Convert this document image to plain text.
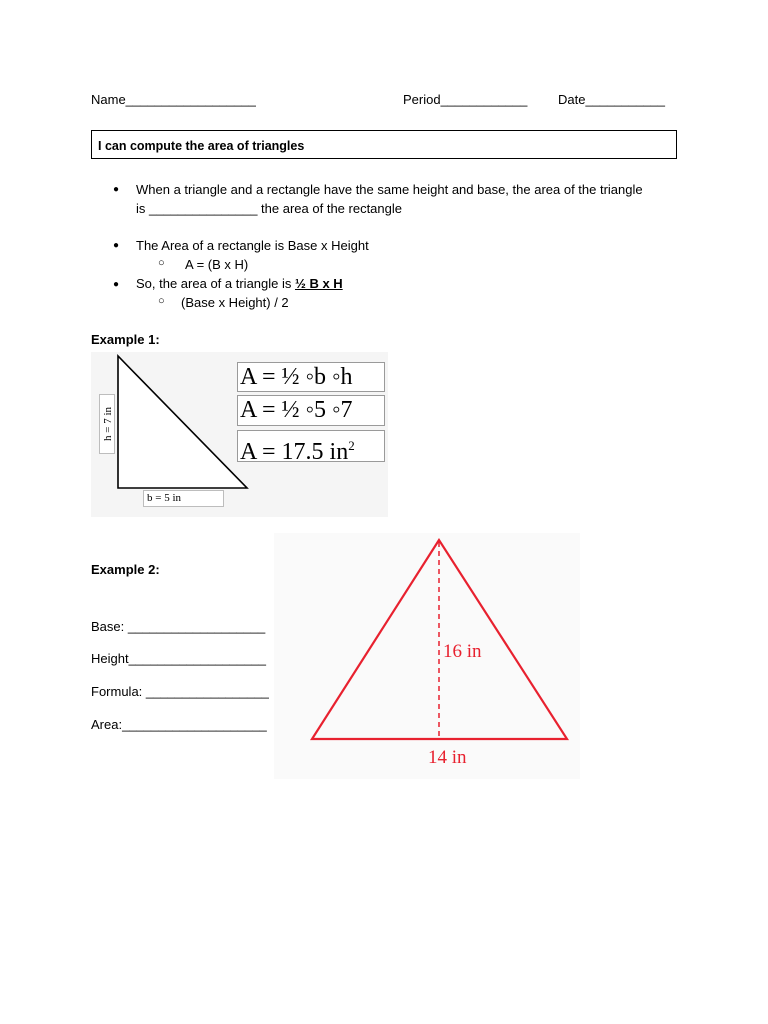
Name__________________	Period____________ Date___________
I can compute the area of triangles
● When a triangle and a rectangle have the same height and base, the area of the triangle
is _______________ the area of the rectangle
● The Area of a rectangle is Base x Height
○ A = (B x H)
● So, the area of a triangle is ½ B x H
○ (Base x Height) / 2
Example 1:
h = 7 in
b = 5 in
A = ½ ◦b ◦h
A = ½ ◦5 ◦7
A = 17.5 $in^2$
Example 2:
Base: ___________________
Height___________________
Formula: _________________
Area:____________________
16 in
14 in
